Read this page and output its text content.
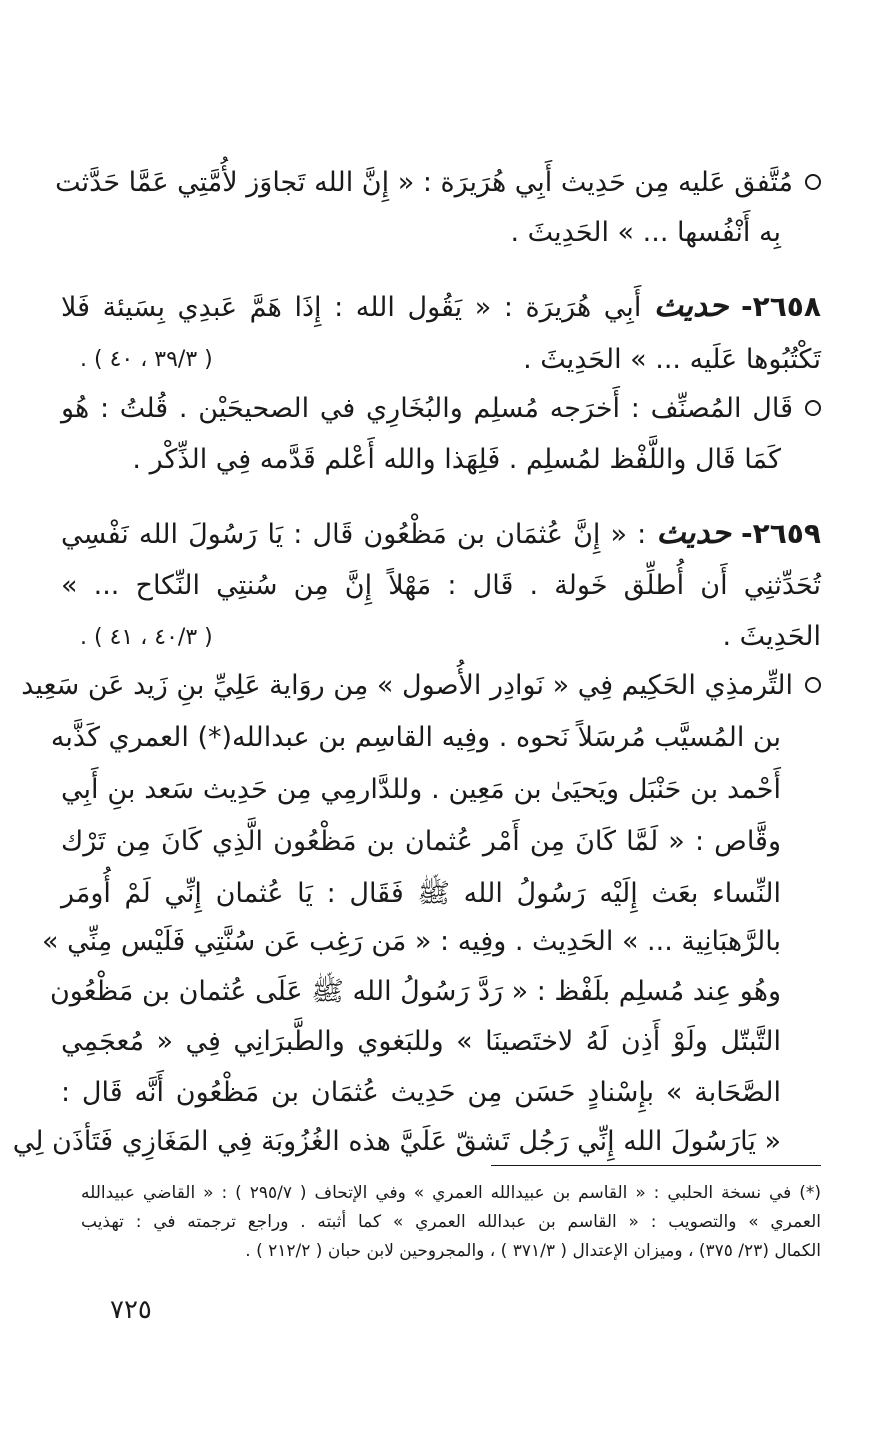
مُتَّفق عَليه مِن حَدِيث أَبِي هُرَيرَة : « إِنَّ الله تَجاوَز لأُمَّتِي عَمَّا حَدَّثت
بِه أَنْفُسها ... » الحَدِيثَ .
٢٦٥٨- حديث أَبِي هُرَيرَة : « يَقُول الله : إِذَا هَمَّ عَبدِي بِسَيئة فَلا
تَكْتُبُوها عَلَيه ... » الحَدِيثَ .
( ٣٩/٣ ، ٤٠ ) .
قَال المُصنِّف : أَخرَجه مُسلِم والبُخَارِي في الصحيحَيْن . قُلتُ : هُو
كَمَا قَال واللَّفْظ لمُسلِم . فَلِهَذا والله أَعْلم قَدَّمه فِي الذِّكْر .
٢٦٥٩- حديث : « إِنَّ عُثمَان بن مَظْعُون قَال : يَا رَسُولَ الله نَفْسِي
تُحَدِّثنِي أَن أُطلِّق خَولة . قَال : مَهْلاً إِنَّ مِن سُنتِي النِّكاح ... »
الحَدِيثَ .
( ٤٠/٣ ، ٤١ ) .
التِّرمذِي الحَكِيم فِي « نَوادِر الأُصول » مِن روَاية عَلِيِّ بنِ زَيد عَن سَعِيد
بن المُسيَّب مُرسَلاً نَحوه . وفِيه القاسِم بن عبدالله(*) العمري كَذَّبه
أَحْمد بن حَنْبَل ويَحيَىٰ بن مَعِين . وللدَّارمِي مِن حَدِيث سَعد بنِ أَبِي
وقَّاص : « لَمَّا كَانَ مِن أَمْر عُثمان بن مَظْعُون الَّذِي كَانَ مِن تَرْك
النِّساء بعَث إِلَيْه رَسُولُ الله ﷺ فَقَال : يَا عُثمان إِنِّي لَمْ أُومَر
بالرَّهبَانِية ... » الحَدِيث . وفِيه : « مَن رَغِب عَن سُنَّتِي فَلَيْس مِنِّي »
وهُو عِند مُسلِم بلَفْظ : « رَدَّ رَسُولُ الله ﷺ عَلَى عُثمان بن مَظْعُون
التَّبتّل ولَوْ أَذِن لَهُ لاختَصينَا » وللبَغوي والطَّبرَانِي فِي « مُعجَمِي
الصَّحَابة » بإِسْنادٍ حَسَن مِن حَدِيث عُثمَان بن مَظْعُون أَنَّه قَال :
« يَارَسُولَ الله إِنِّي رَجُل تَشقّ عَلَيَّ هذه الغُزُوبَة فِي المَغَازِي فَتَأذَن لِي
(*) في نسخة الحلبي : « القاسم بن عبيدالله العمري » وفي الإتحاف ( ٢٩٥/٧ ) : « القاضي عبيدالله
العمري » والتصويب : « القاسم بن عبدالله العمري » كما أثبته . وراجع ترجمته في : تهذيب
الكمال (٢٣/ ٣٧٥) ، وميزان الإعتدال ( ٣٧١/٣ ) ، والمجروحين لابن حبان ( ٢١٢/٢ ) .
٧٢٥
